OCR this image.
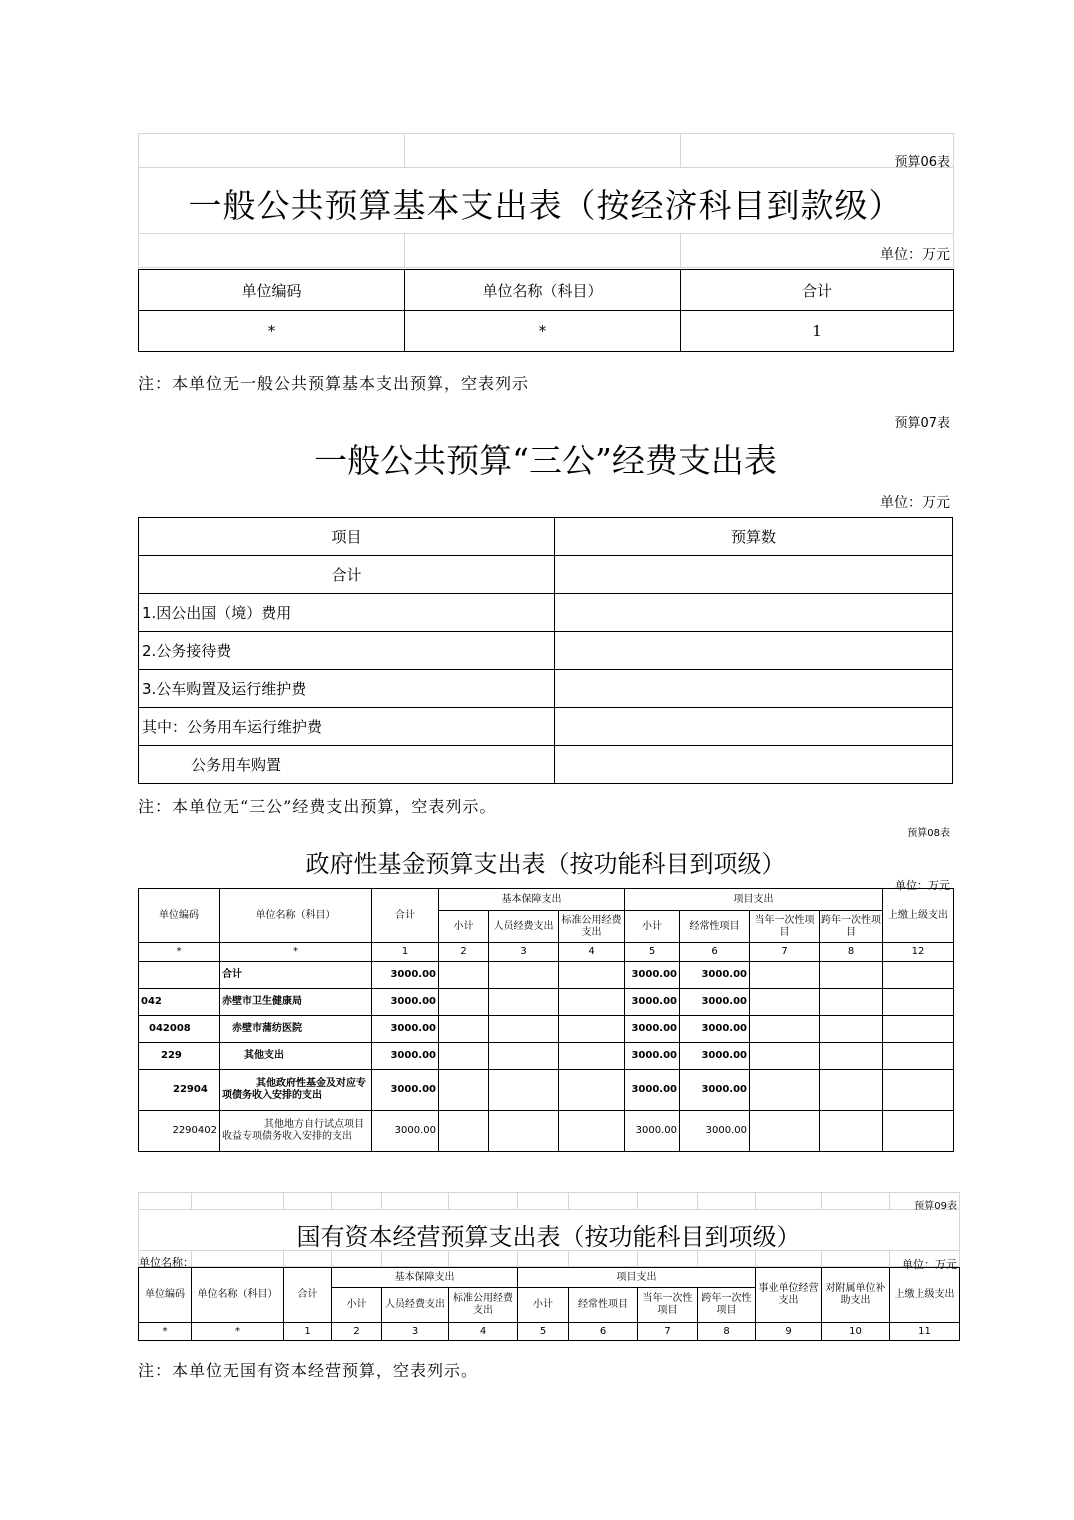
预算06表
一般公共预算基本支出表（按经济科目到款级）
单位：万元
单位编码	单位名称（科目）	合计
*	*	1
注：本单位无一般公共预算基本支出预算，空表列示
预算07表
一般公共预算“三公”经费支出表
单位：万元
项目	预算数
合计	
1.因公出国（境）费用	
2.公务接待费	
3.公车购置及运行维护费	
其中：公务用车运行维护费	
公务用车购置	
注：本单位无“三公”经费支出预算，空表列示。
预算08表
政府性基金预算支出表（按功能科目到项级）
单位：万元
单位编码	单位名称（科目）	合计	基本保障支出			项目支出				上缴上级支出
			小计	人员经费支出	标准公用经费支出	小计	经常性项目	当年一次性项目	跨年一次性项目	
*	*	1	2	3	4	5	6	7	8	12
	合计	3000.00				3000.00	3000.00			
042	赤壁市卫生健康局	3000.00				3000.00	3000.00			
042008	赤壁市蒲纺医院	3000.00				3000.00	3000.00			
229	其他支出	3000.00				3000.00	3000.00			
22904	其他政府性基金及对应专项债务收入安排的支出	3000.00				3000.00	3000.00			
2290402	其他地方自行试点项目收益专项债务收入安排的支出	3000.00				3000.00	3000.00			

预算09表
国有资本经营预算支出表（按功能科目到项级）
单位名称：	单位：万元
单位编码	单位名称（科目）	合计	基本保障支出			项目支出				事业单位经营支出	对附属单位补助支出	上缴上级支出
			小计	人员经费支出	标准公用经费支出	小计	经常性项目	当年一次性项目	跨年一次性项目			
*	*	1	2	3	4	5	6	7	8	9	10	11
注：本单位无国有资本经营预算，空表列示。
